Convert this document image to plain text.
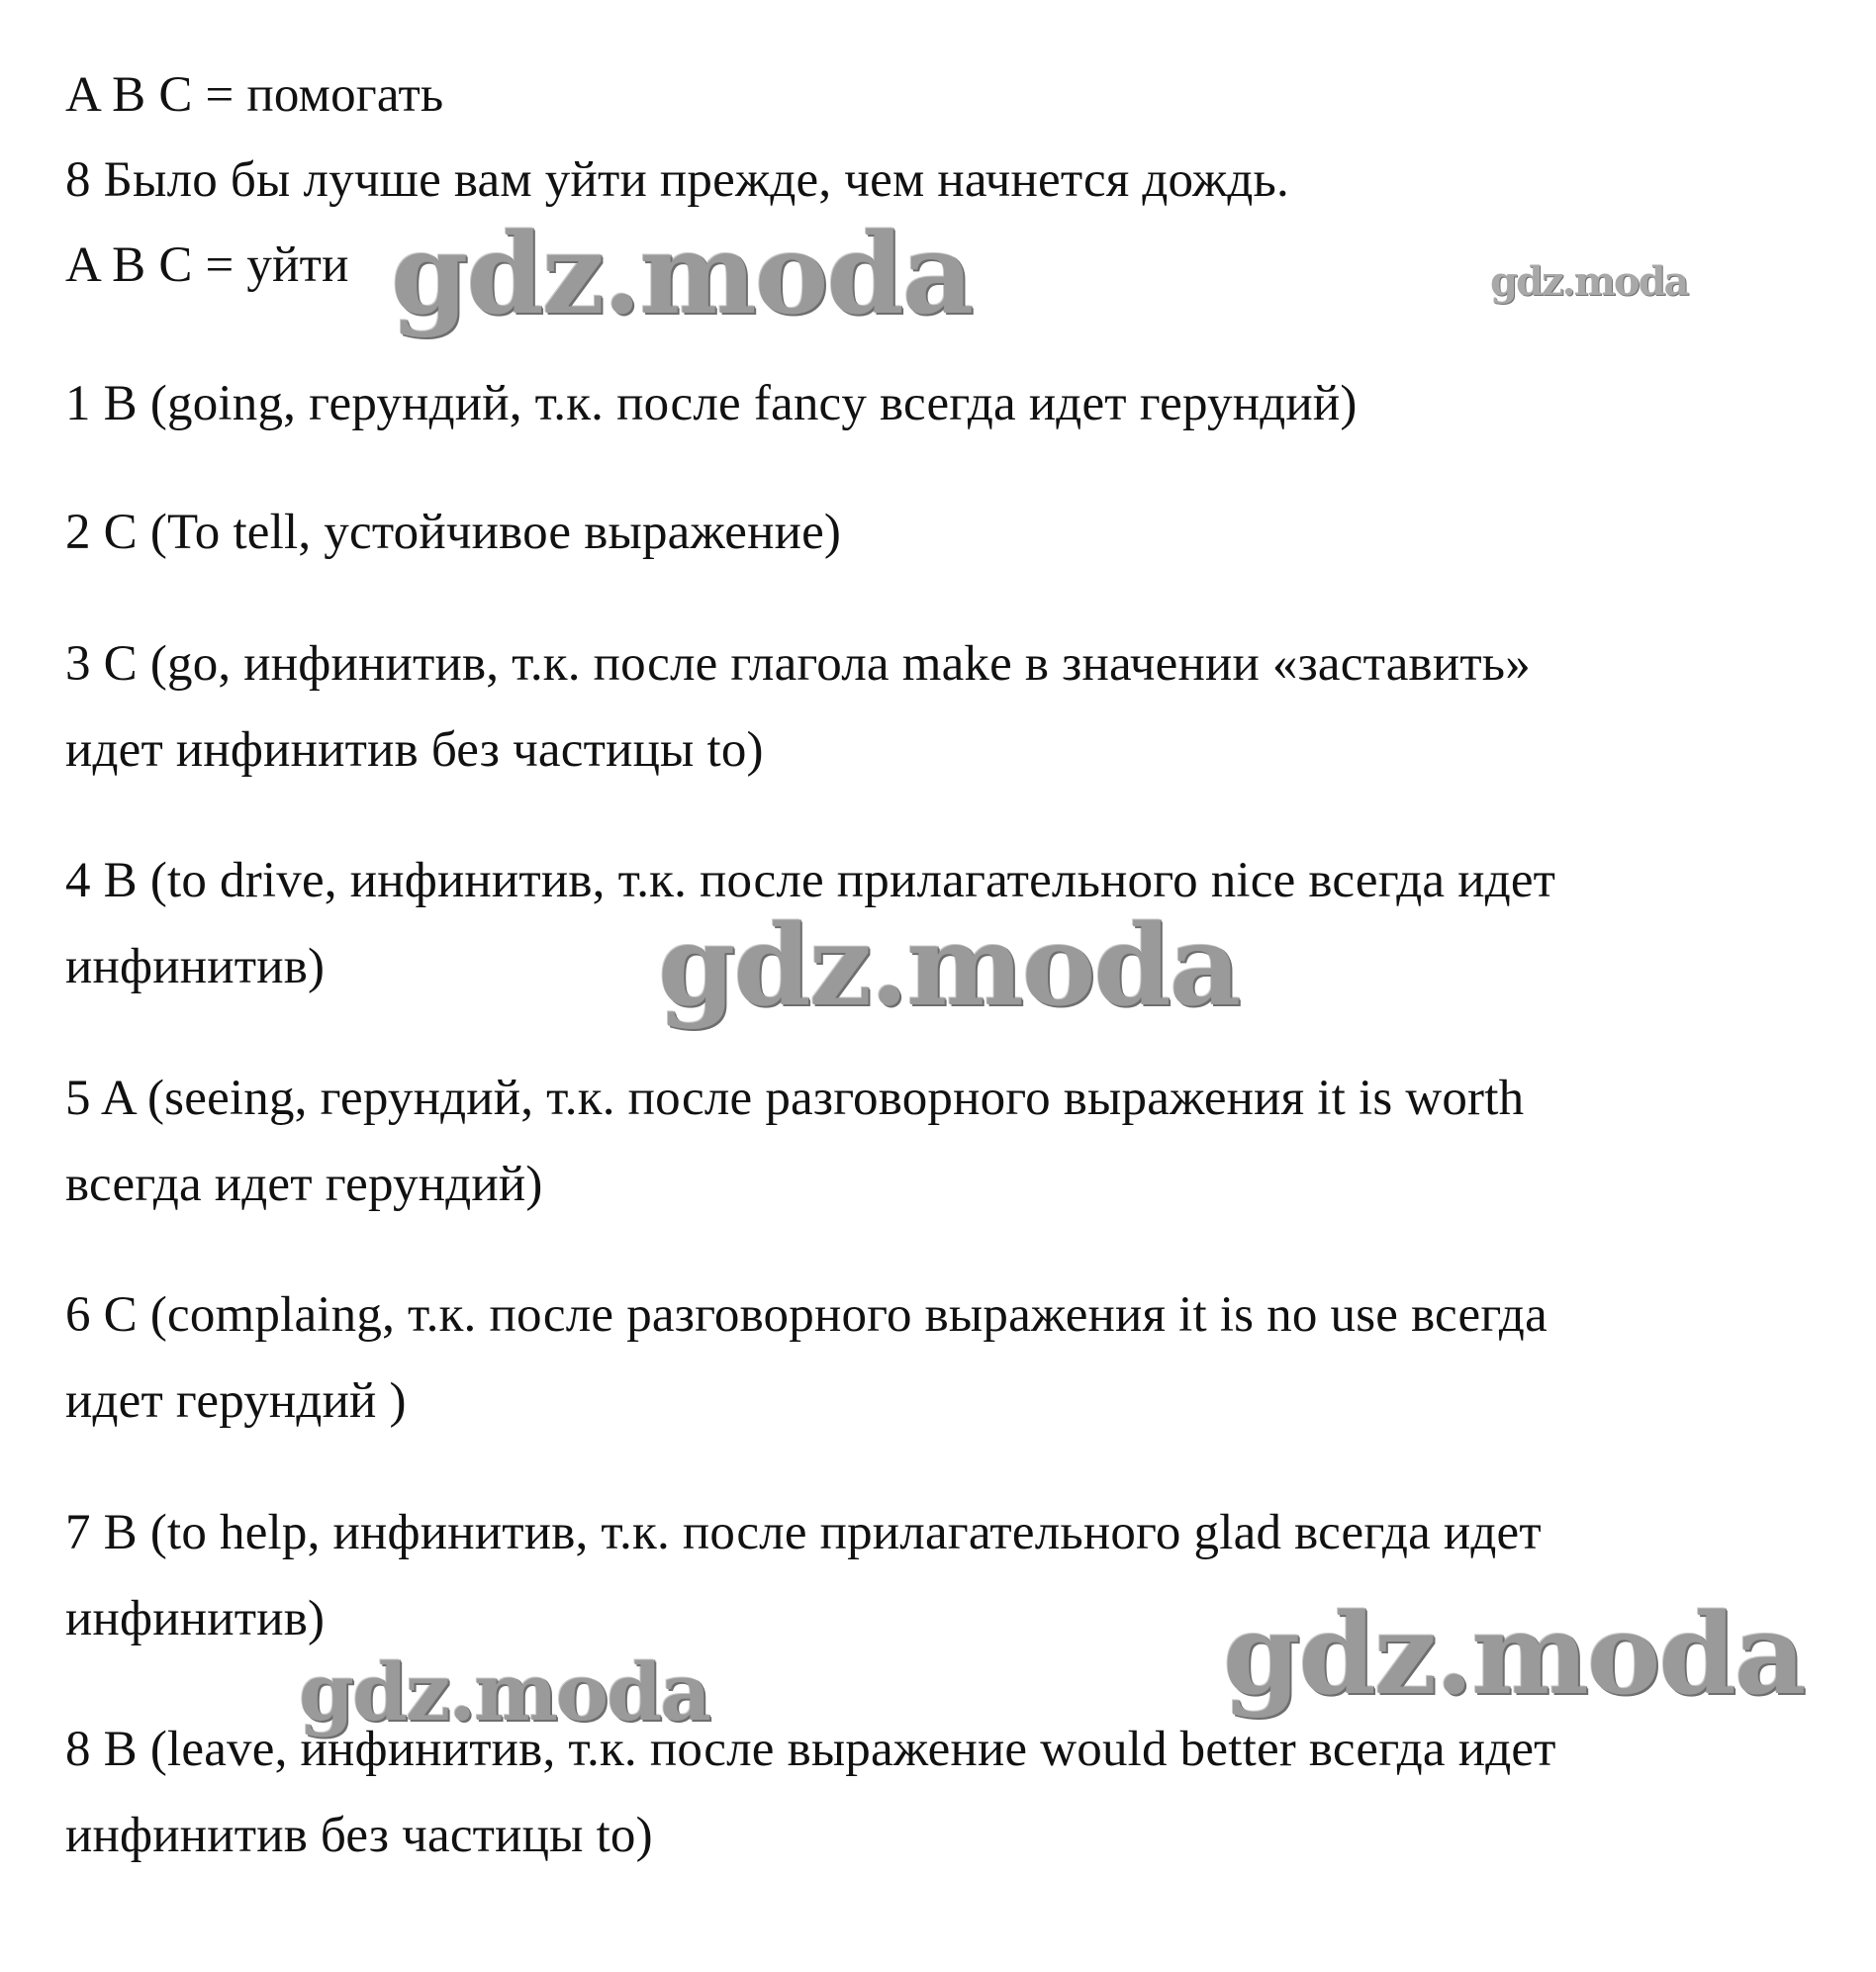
A B C = помогать
8 Было бы лучше вам уйти прежде, чем начнется дождь.
A B C = уйти
1 B (going, герундий, т.к. после fancy всегда идет герундий)
2 C (To tell, устойчивое выражение)
3 C (go, инфинитив, т.к. после глагола make в значении «заставить»
идет инфинитив без частицы to)
4 B (to drive, инфинитив, т.к. после прилагательного nice всегда идет
инфинитив)
5 A (seeing, герундий, т.к. после разговорного выражения it is worth
всегда идет герундий)
6 C (complaing, т.к. после разговорного выражения it is no use всегда
идет герундий )
7 B (to help, инфинитив, т.к. после прилагательного glad всегда идет
инфинитив)
8 B (leave, инфинитив, т.к. после выражение would better всегда идет
инфинитив без частицы to)
gdz.moda	gdz.moda
gdz.moda
gdz.moda
gdz.moda
